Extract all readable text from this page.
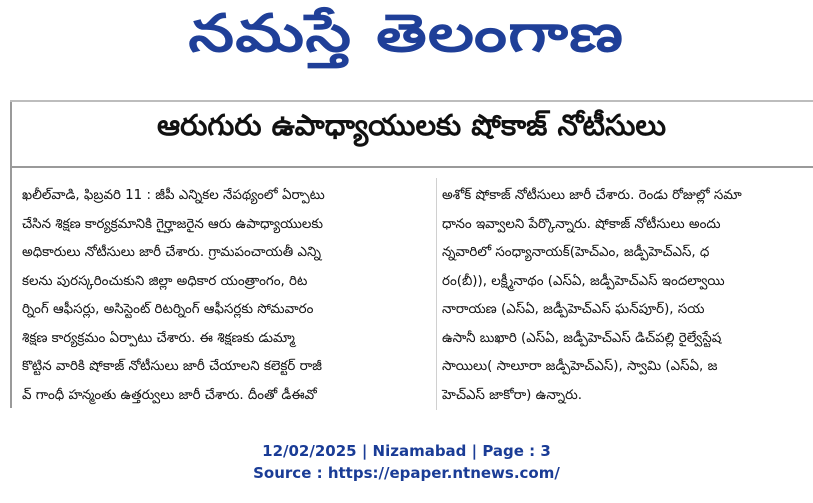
నమస్తే తెలంగాణ
ఆరుగురు ఉపాధ్యాయులకు షోకాజ్ నోటీసులు
ఖలీల్‌వాడి, ఫిబ్రవరి 11 : జీపీ ఎన్నికల నేపథ్యంలో ఏర్పాటు
చేసిన శిక్షణ కార్యక్రమానికి గైర్హాజరైన ఆరు ఉపాధ్యాయులకు
అధికారులు నోటీసులు జారీ చేశారు. గ్రామపంచాయతీ ఎన్ని
కలను పురస్కరించుకుని జిల్లా అధికార యంత్రాంగం, రిట
ర్నింగ్ ఆఫీసర్లు, అసిస్టెంట్ రిటర్నింగ్ ఆఫీసర్లకు సోమవారం
శిక్షణ కార్యక్రమం ఏర్పాటు చేశారు. ఈ శిక్షణకు డుమ్మా
కొట్టిన వారికి షోకాజ్ నోటీసులు జారీ చేయాలని కలెక్టర్ రాజీ
వ్ గాంధీ హన్మంతు ఉత్తర్వులు జారీ చేశారు. దీంతో డీఈవో
అశోక్ షోకాజ్ నోటీసులు జారీ చేశారు. రెండు రోజుల్లో సమా
ధానం ఇవ్వాలని పేర్కొన్నారు. షోకాజ్ నోటీసులు అందు
న్నవారిలో సంధ్యానాయక్(హెచ్ఎం, జడ్పీహెచ్ఎస్, ధ
రం(బీ)), లక్ష్మీనాథం (ఎస్ఏ, జడ్పీహెచ్ఎస్ ఇందల్వాయి
నారాయణ (ఎస్ఏ, జడ్పీహెచ్ఎస్ ఘన్‌పూర్), సయ
ఉసానీ బుఖారి (ఎస్ఏ, జడ్పీహెచ్ఎస్ డిచ్‌పల్లి రైల్వేస్టేష
సాయిలు( సాలూరా జడ్పీహెచ్ఎస్), స్వామి (ఎస్ఏ, జ
హెచ్ఎస్ జాకోరా) ఉన్నారు.
12/02/2025 | Nizamabad | Page : 3
Source : https://epaper.ntnews.com/
